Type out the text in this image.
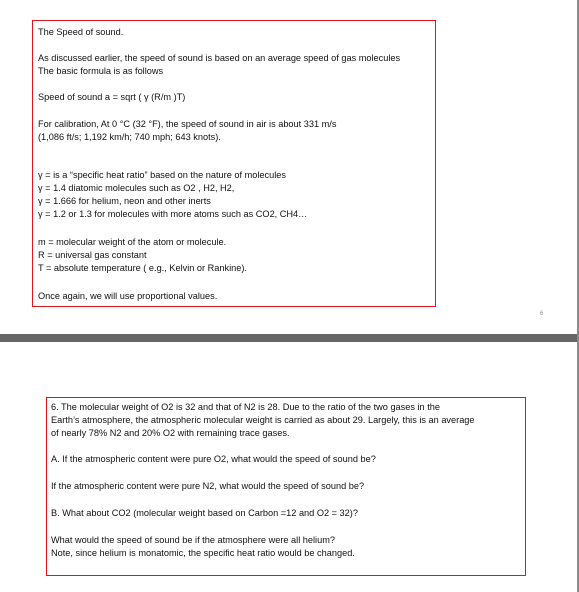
The Speed of sound.
As discussed earlier, the speed of sound is based on an average speed of gas molecules
The basic formula is as follows
Speed of sound a = sqrt ( γ (R/m )T)
For calibration, At 0 °C (32 °F), the speed of sound in air is about 331 m/s
(1,086 ft/s; 1,192 km/h; 740 mph; 643 knots).
γ = is a “specific heat ratio” based on the nature of molecules
γ = 1.4 diatomic molecules such as O2 , H2, H2,
γ = 1.666 for helium, neon and other inerts
γ = 1.2 or 1.3 for molecules with more atoms such as CO2, CH4…
m = molecular weight of the atom or molecule.
R = universal gas constant
T = absolute temperature ( e.g., Kelvin or Rankine).
Once again, we will use proportional values.
6
6. The molecular weight of O2 is 32 and that of N2 is 28. Due to the ratio of the two gases in the
Earth’s atmosphere, the atmospheric molecular weight is carried as about 29. Largely, this is an average
of nearly 78% N2 and 20% O2 with remaining trace gases.
A. If the atmospheric content were pure O2, what would the speed of sound be?
If the atmospheric content were pure N2, what would the speed of sound be?
B. What about CO2 (molecular weight based on Carbon =12 and O2 = 32)?
What would the speed of sound be if the atmosphere were all helium?
Note, since helium is monatomic, the specific heat ratio would be changed.
